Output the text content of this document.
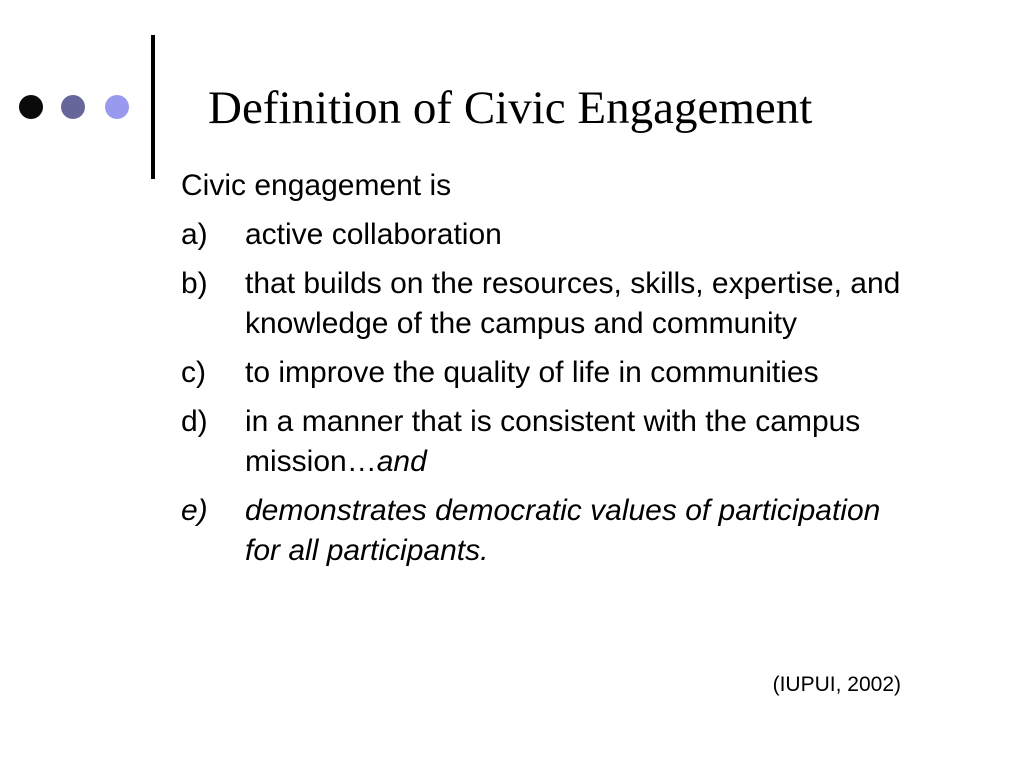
Definition of Civic Engagement

Civic engagement is

a)	active collaboration
b)	that builds on the resources, skills, expertise, and knowledge of the campus and community
c)	to improve the quality of life in communities
d)	in a manner that is consistent with the campus mission…and
e)	demonstrates democratic values of participation for all participants.
(IUPUI, 2002)
